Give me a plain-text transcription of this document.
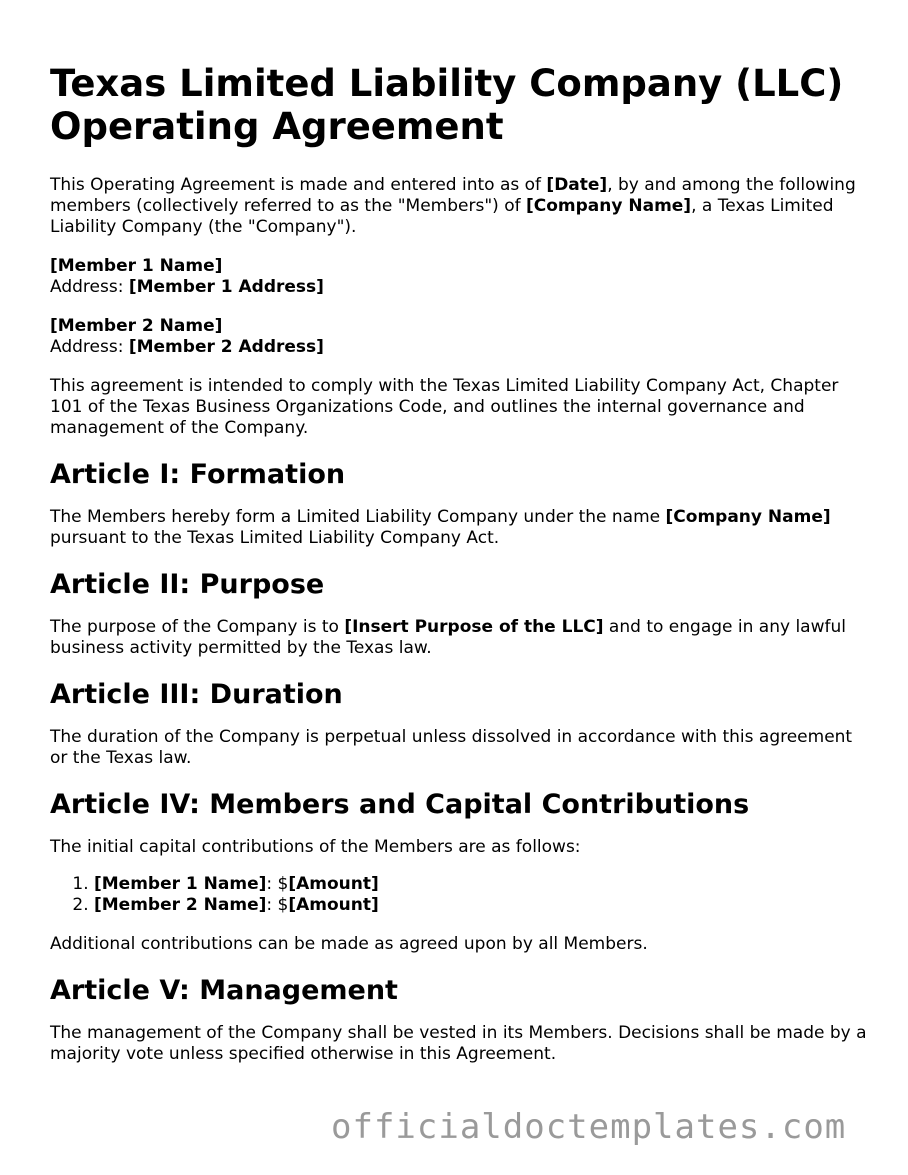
Texas Limited Liability Company (LLC)
Operating Agreement

This Operating Agreement is made and entered into as of [Date], by and among the following members (collectively referred to as the "Members") of [Company Name], a Texas Limited Liability Company (the "Company").

[Member 1 Name]
Address: [Member 1 Address]

[Member 2 Name]
Address: [Member 2 Address]

This agreement is intended to comply with the Texas Limited Liability Company Act, Chapter 101 of the Texas Business Organizations Code, and outlines the internal governance and management of the Company.

Article I: Formation

The Members hereby form a Limited Liability Company under the name [Company Name] pursuant to the Texas Limited Liability Company Act.

Article II: Purpose

The purpose of the Company is to [Insert Purpose of the LLC] and to engage in any lawful business activity permitted by the Texas law.

Article III: Duration

The duration of the Company is perpetual unless dissolved in accordance with this agreement or the Texas law.

Article IV: Members and Capital Contributions

The initial capital contributions of the Members are as follows:

1. [Member 1 Name]: $[Amount]
2. [Member 2 Name]: $[Amount]

Additional contributions can be made as agreed upon by all Members.

Article V: Management

The management of the Company shall be vested in its Members. Decisions shall be made by a majority vote unless specified otherwise in this Agreement.

officialdoctemplates.com
